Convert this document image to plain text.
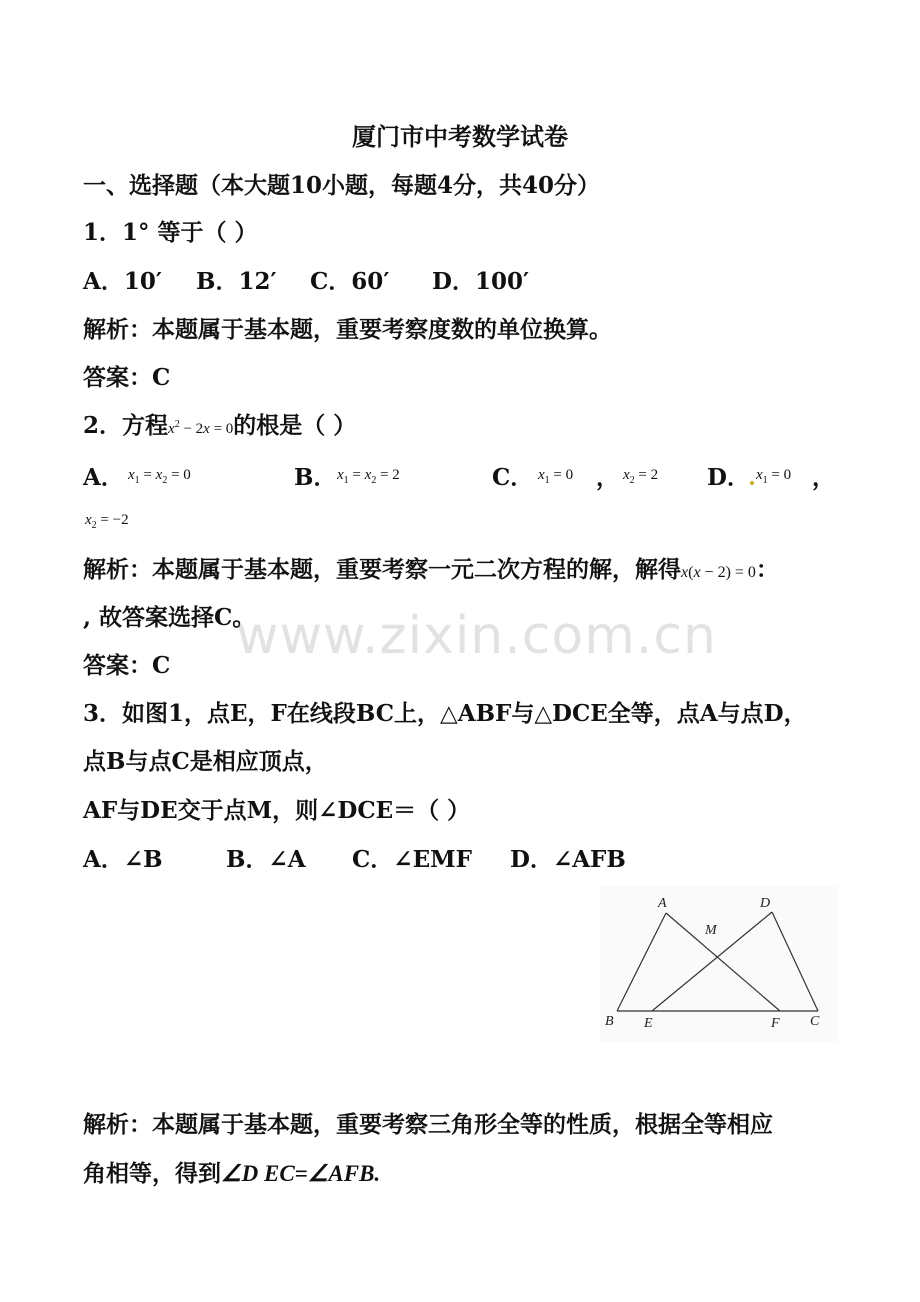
厦门市中考数学试卷
一、选择题（本大题10小题，每题4分，共40分）
1．1° 等于（ ）
A．10′ B．12′ C．60′ D．100′
解析：本题属于基本题，重要考察度数的单位换算。
答案：C
2．方程$x^2 - 2x = 0$的根是（ ）
A． $x_1 = x_2 = 0$	B． $x_1 = x_2 = 2$	C． $x_1 = 0$ ， $x_2 = 2$ D．
. $x_1 = 0$ ，
$x_2 = -2$
解析：本题属于基本题，重要考察一元二次方程的解，解得x(x − 2) = 0：
, 故答案选择C。
答案：C www.zixin.com.cn
3．如图1，点E，F在线段BC上，△ABF与△DCE全等，点A与点D，
点B与点C是相应顶点，
AF与DE交于点M，则∠DCE＝（ ）
A．∠B	B．∠A C．∠EMF D．∠AFB
A	D
M
B E	F C
解析：本题属于基本题，重要考察三角形全等的性质，根据全等相应
角相等，得到∠D EC=∠AFB.
